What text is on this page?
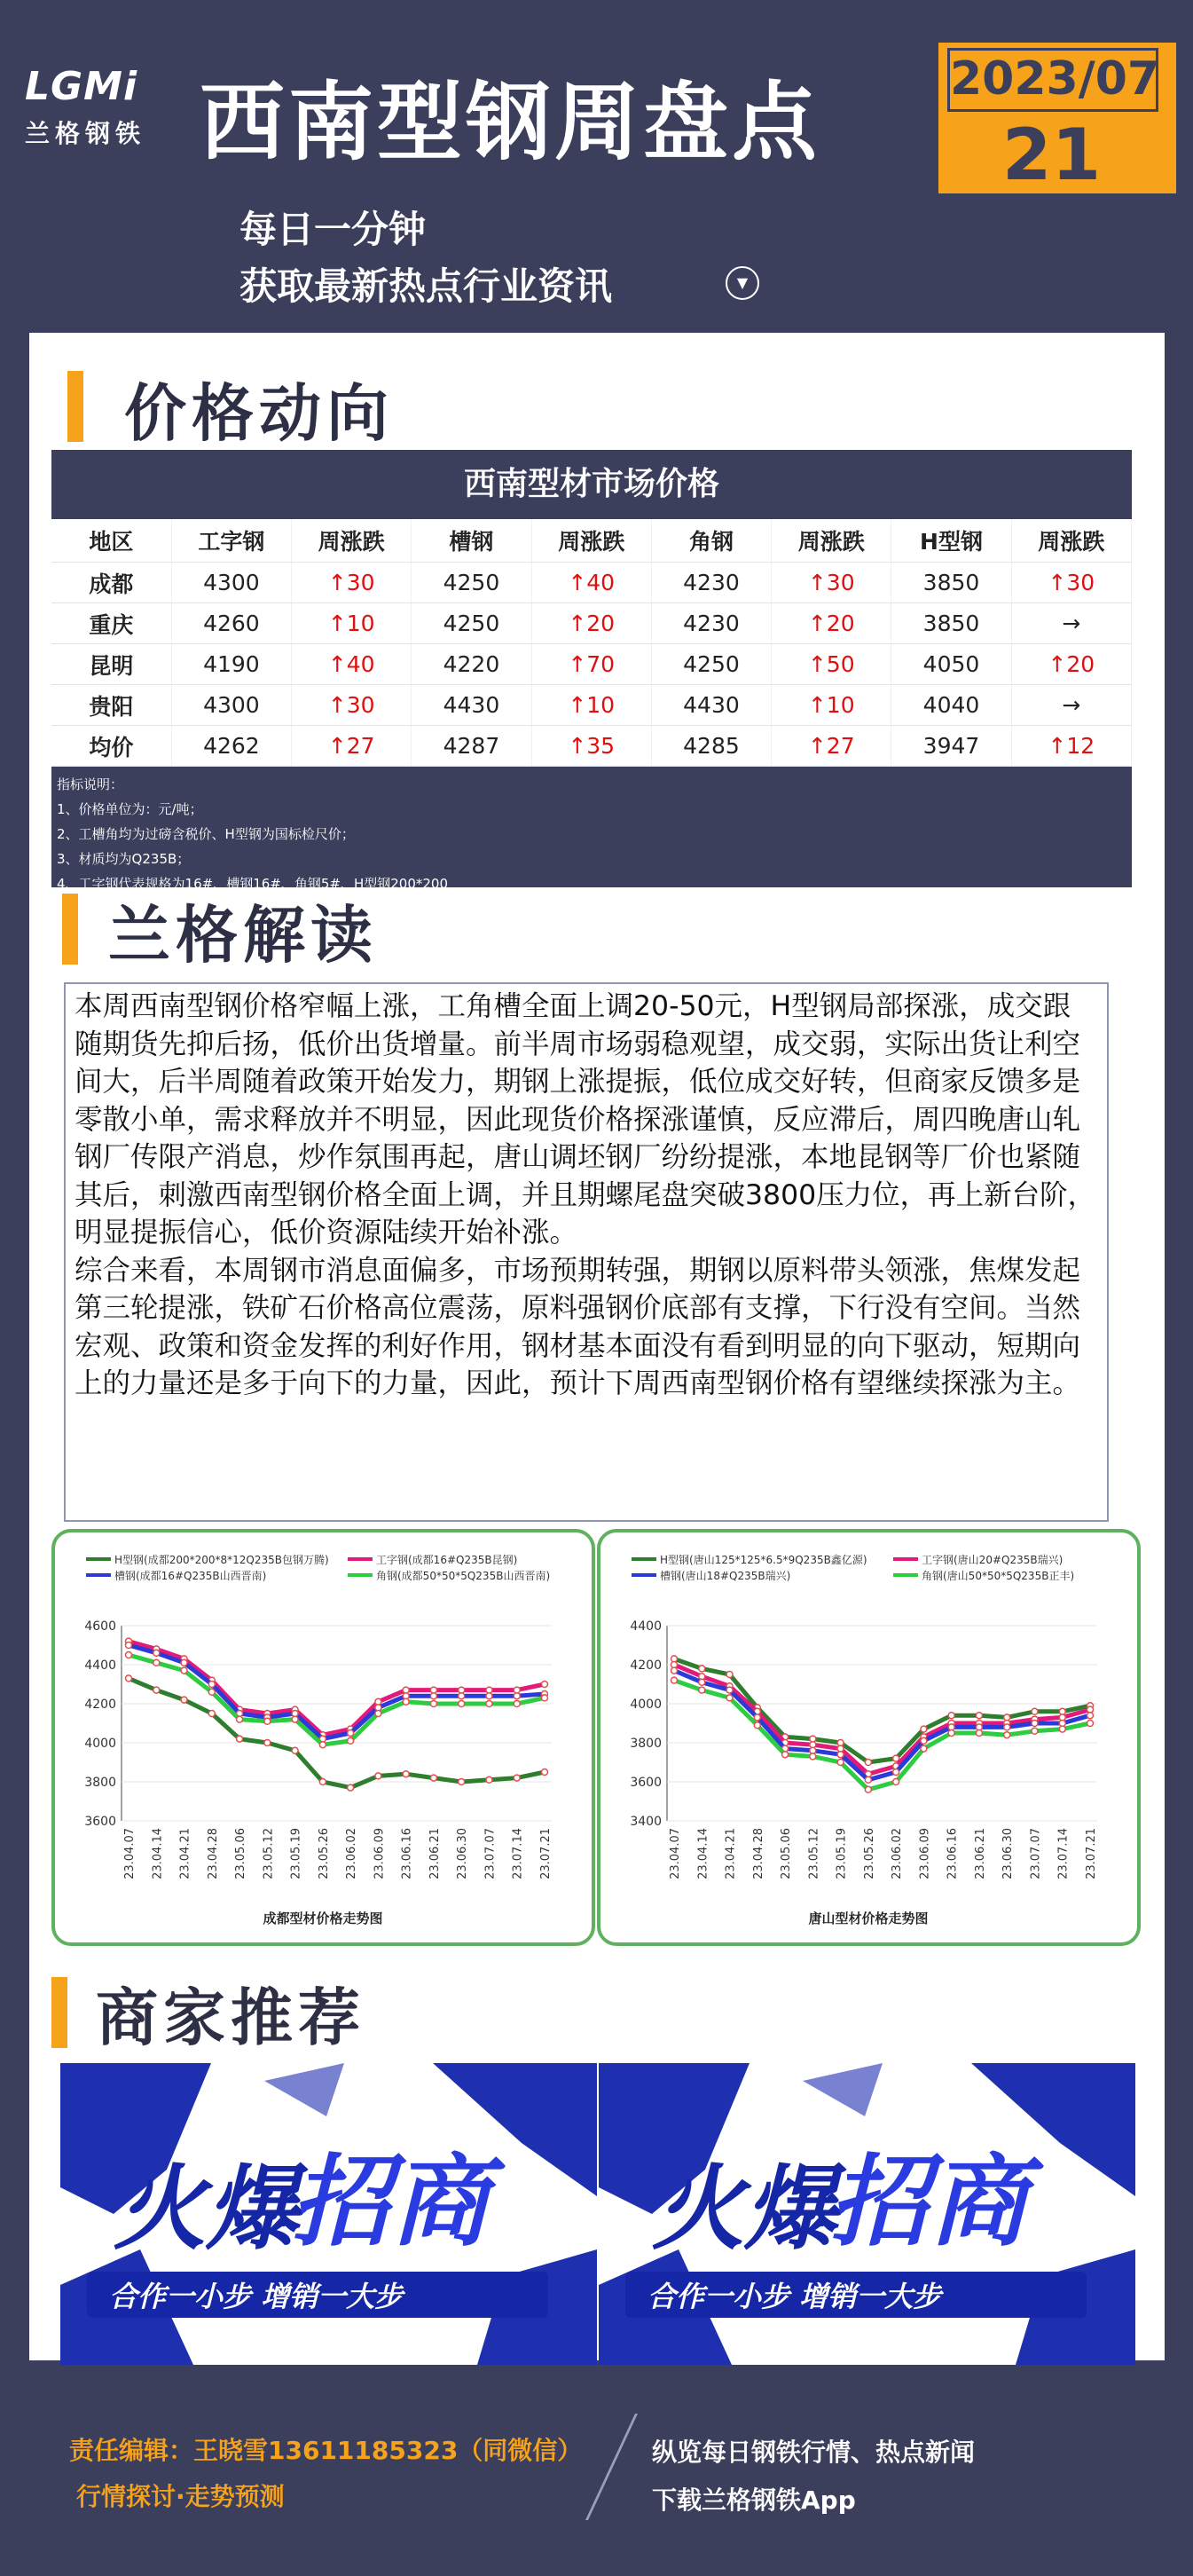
LGMi
兰格钢铁 西南型钢周盘点	2023/07
21
每日一分钟
获取最新热点行业资讯	▼
价格动向
西南型材市场价格
地区	工字钢	周涨跌	槽钢	周涨跌	角钢	周涨跌	H型钢	周涨跌
成都	4300	↑30	4250	↑40	4230	↑30	3850	↑30
重庆	4260	↑10	4250	↑20	4230	↑20	3850	→
昆明	4190	↑40	4220	↑70	4250	↑50	4050	↑20
贵阳	4300	↑30	4430	↑10	4430	↑10	4040	→
均价	4262	↑27	4287	↑35	4285	↑27	3947	↑12
指标说明：
1、价格单位为：元/吨；
2、工槽角均为过磅含税价、H型钢为国标检尺价；
3、材质均为Q235B；
4、工字钢代表规格为16#、槽钢16#、角钢5#、H型钢200*200
兰格解读

本周西南型钢价格窄幅上涨，工角槽全面上调20-50元，H型钢局部探涨，成交跟随期货先抑后扬，低价出货增量。前半周市场弱稳观望，成交弱，实际出货让利空间大，后半周随着政策开始发力，期钢上涨提振，低位成交好转，但商家反馈多是零散小单，需求释放并不明显，因此现货价格探涨谨慎，反应滞后，周四晚唐山轧钢厂传限产消息，炒作氛围再起，唐山调坯钢厂纷纷提涨，本地昆钢等厂价也紧随其后，刺激西南型钢价格全面上调，并且期螺尾盘突破3800压力位，再上新台阶，明显提振信心，低价资源陆续开始补涨。

综合来看，本周钢市消息面偏多，市场预期转强，期钢以原料带头领涨，焦煤发起第三轮提涨，铁矿石价格高位震荡，原料强钢价底部有支撑，下行没有空间。当然宏观、政策和资金发挥的利好作用，钢材基本面没有看到明显的向下驱动，短期向上的力量还是多于向下的力量，因此，预计下周西南型钢价格有望继续探涨为主。

H型钢(成都200*200*8*12Q235B包钢万腾)	工字钢(成都16#Q235B昆钢)
槽钢(成都16#Q235B山西晋南)	角钢(成都50*50*5Q235B山西晋南)
3600
3800
4000
4200
4400
4600
23.04.07 23.04.14 23.04.21 23.04.28 23.05.06 23.05.12 23.05.19 23.05.26 23.06.02 23.06.09 23.06.16 23.06.21 23.06.30 23.07.07 23.07.14 23.07.21
成都型材价格走势图
H型钢(唐山125*125*6.5*9Q235B鑫亿源)	工字钢(唐山20#Q235B瑞兴)
槽钢(唐山18#Q235B瑞兴)	角钢(唐山50*50*5Q235B正丰)
3400
3600
3800
4000
4200
4400
23.04.07 23.04.14 23.04.21 23.04.28 23.05.06 23.05.12 23.05.19 23.05.26 23.06.02 23.06.09 23.06.16 23.06.21 23.06.30 23.07.07 23.07.14 23.07.21
唐山型材价格走势图
商家推荐
火爆
招商
合作一小步 增销一大步
火爆
招商
合作一小步 增销一大步
责任编辑：王晓雪13611185323（同微信）
行情探讨·走势预测
纵览每日钢铁行情、热点新闻
下载兰格钢铁App
